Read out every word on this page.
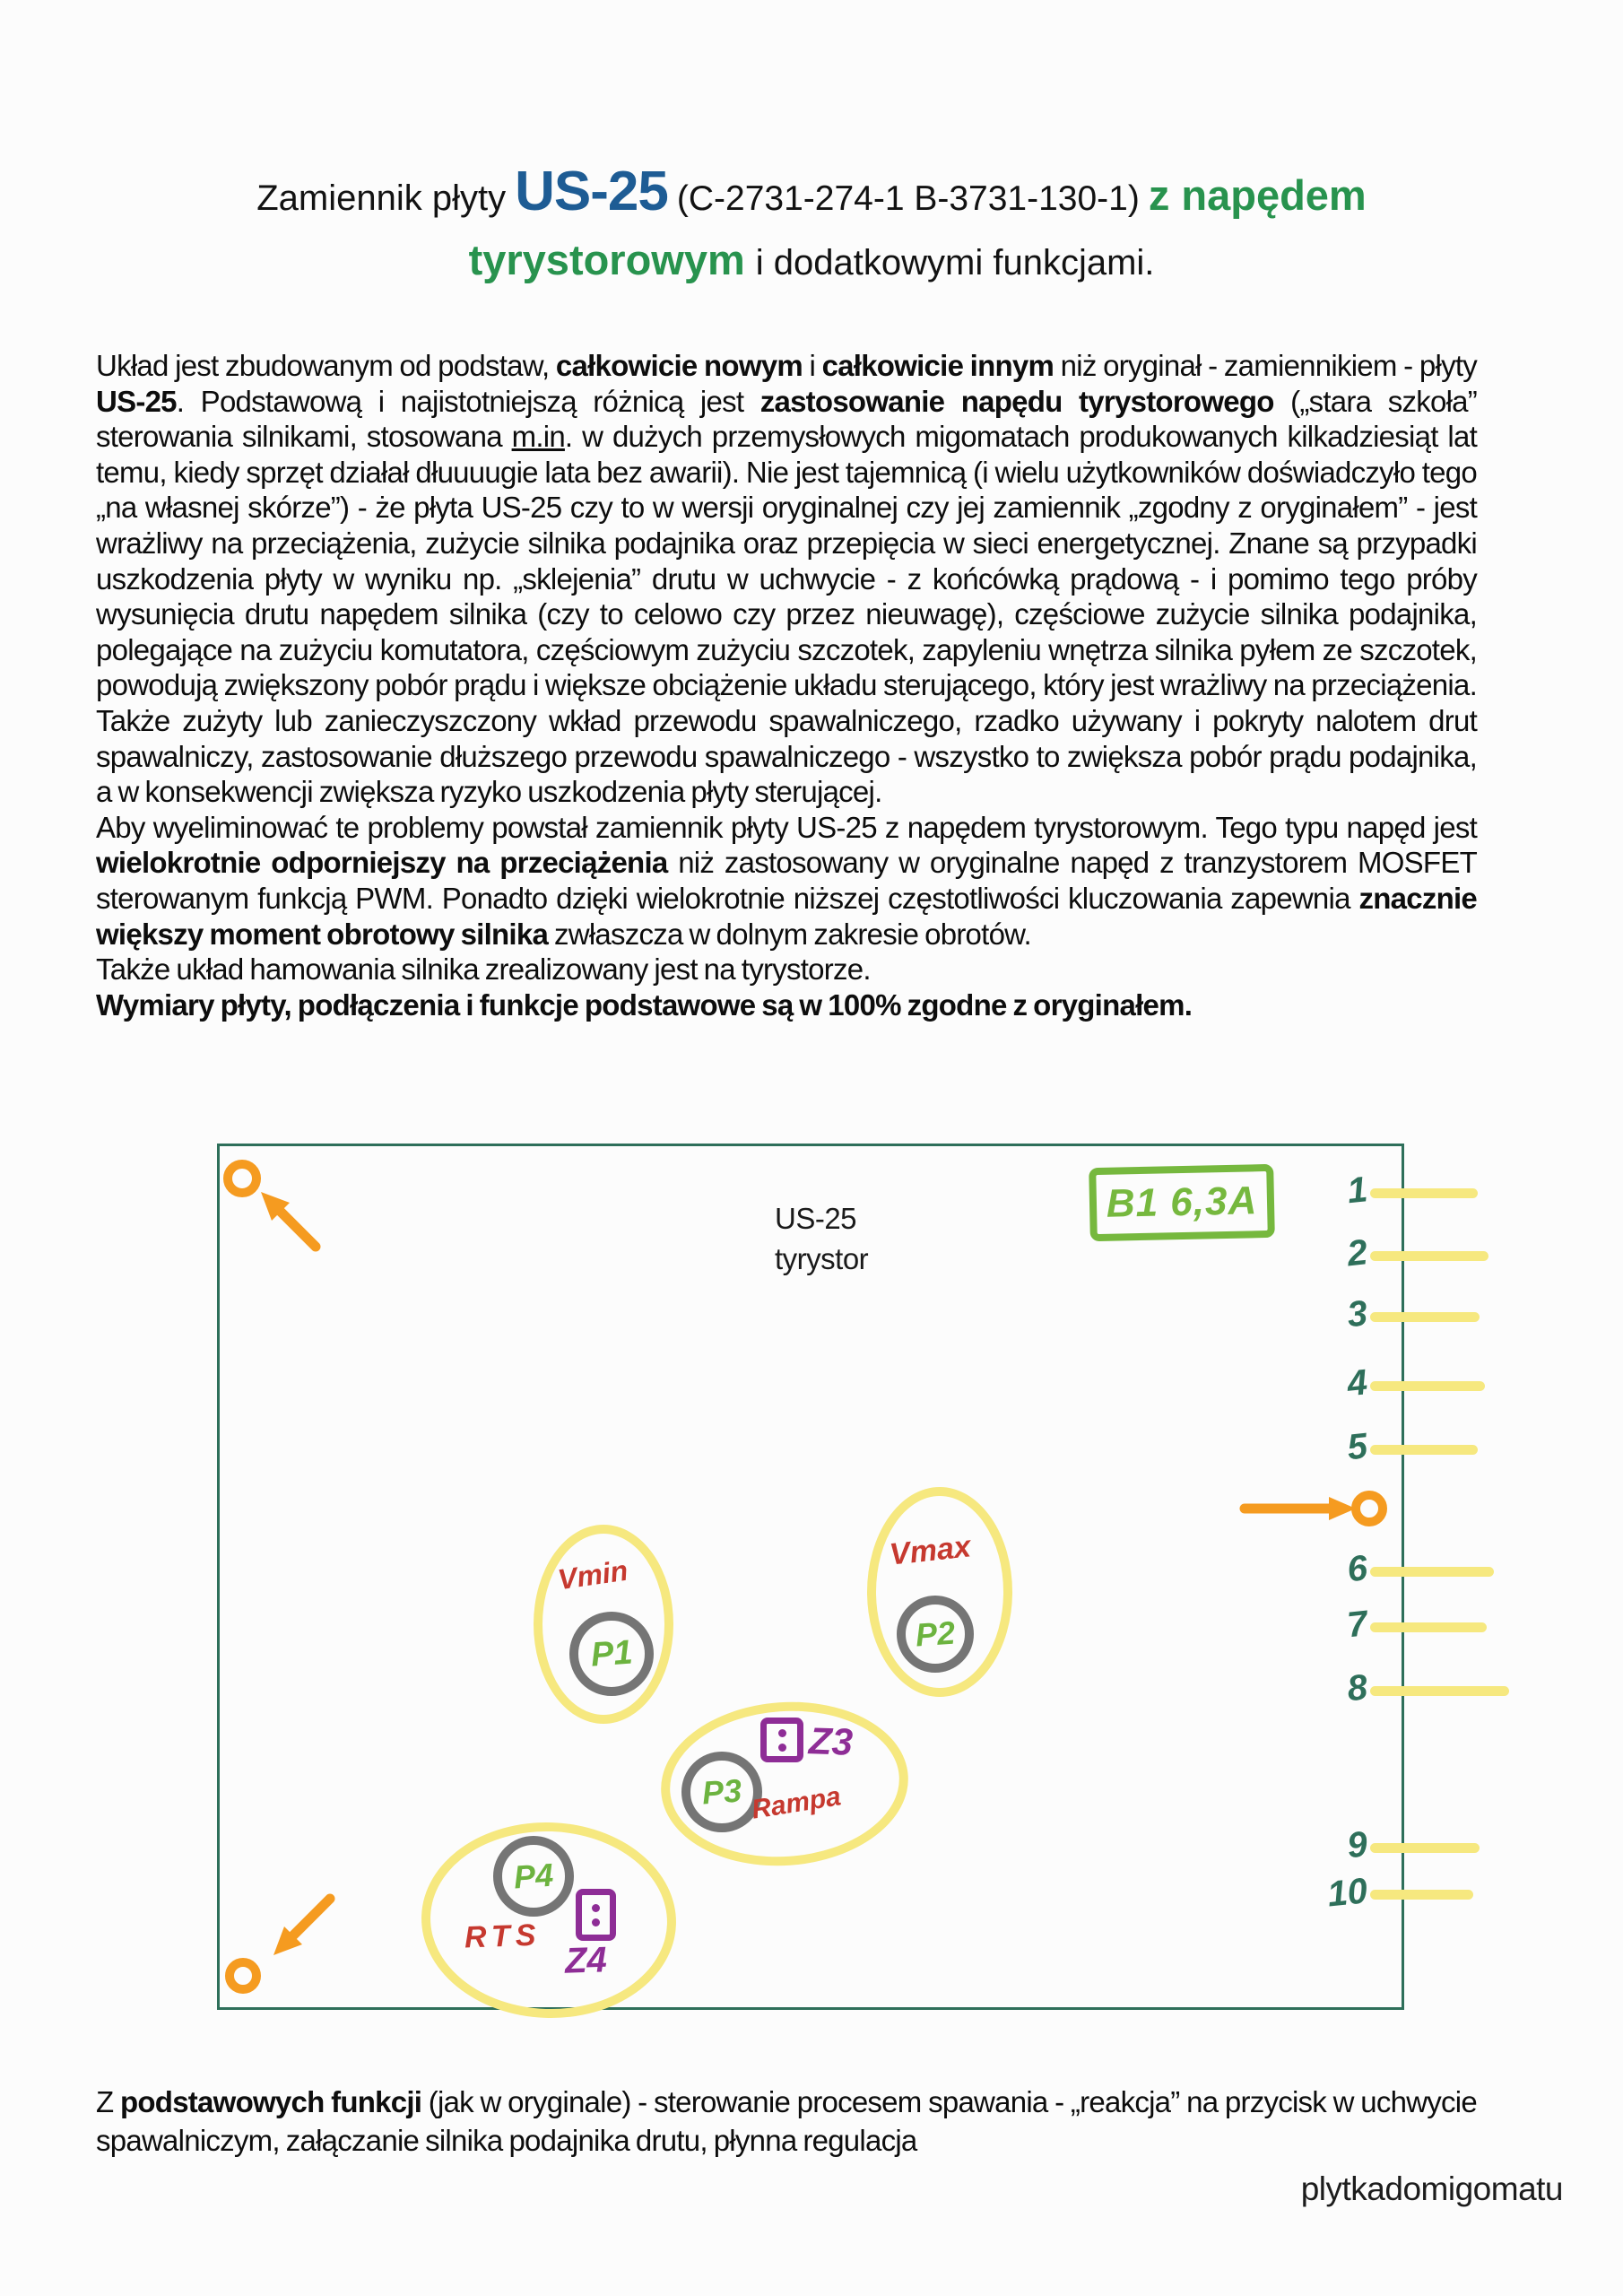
Zamiennik płyty US-25 (C-2731-274-1 B-3731-130-1) z napędem
tyrystorowym i dodatkowymi funkcjami.

Układ jest zbudowanym od podstaw, całkowicie nowym i całkowicie innym niż oryginał - zamiennikiem - płyty US-25. Podstawową i najistotniejszą różnicą jest zastosowanie napędu tyrystorowego („stara szkoła” sterowania silnikami, stosowana m.in. w dużych przemysłowych migomatach produkowanych kilkadziesiąt lat temu, kiedy sprzęt działał dłuuuugie lata bez awarii). Nie jest tajemnicą (i wielu użytkowników doświadczyło tego „na własnej skórze”) - że płyta US-25 czy to w wersji oryginalnej czy jej zamiennik „zgodny z oryginałem” - jest wrażliwy na przeciążenia, zużycie silnika podajnika oraz przepięcia w sieci energetycznej. Znane są przypadki uszkodzenia płyty w wyniku np. „sklejenia” drutu w uchwycie - z końcówką prądową - i pomimo tego próby wysunięcia drutu napędem silnika (czy to celowo czy przez nieuwagę), częściowe zużycie silnika podajnika, polegające na zużyciu komutatora, częściowym zużyciu szczotek, zapyleniu wnętrza silnika pyłem ze szczotek, powodują zwiększony pobór prądu i większe obciążenie układu sterującego, który jest wrażliwy na przeciążenia. Także zużyty lub zanieczyszczony wkład przewodu spawalniczego, rzadko używany i pokryty nalotem drut spawalniczy, zastosowanie dłuższego przewodu spawalniczego - wszystko to zwiększa pobór prądu podajnika, a w konsekwencji zwiększa ryzyko uszkodzenia płyty sterującej.

Aby wyeliminować te problemy powstał zamiennik płyty US-25 z napędem tyrystorowym. Tego typu napęd jest wielokrotnie odporniejszy na przeciążenia niż zastosowany w oryginalne napęd z tranzystorem MOSFET sterowanym funkcją PWM. Ponadto dzięki wielokrotnie niższej częstotliwości kluczowania zapewnia znacznie większy moment obrotowy silnika zwłaszcza w dolnym zakresie obrotów.

Także układ hamowania silnika zrealizowany jest na tyrystorze.

Wymiary płyty, podłączenia i funkcje podstawowe są w 100% zgodne z oryginałem.

US-25
tyrystor
B1 6,3A	1
2
3
4
5
6
7
8
9
10
Vmin
P1
Vmax
P2
P3 Rampa
Z3
P4
RTS
Z4
Z podstawowych funkcji (jak w oryginale) - sterowanie procesem spawania - „reakcja” na przycisk w uchwycie spawalniczym, załączanie silnika podajnika drutu, płynna regulacja
plytkadomigomatu
